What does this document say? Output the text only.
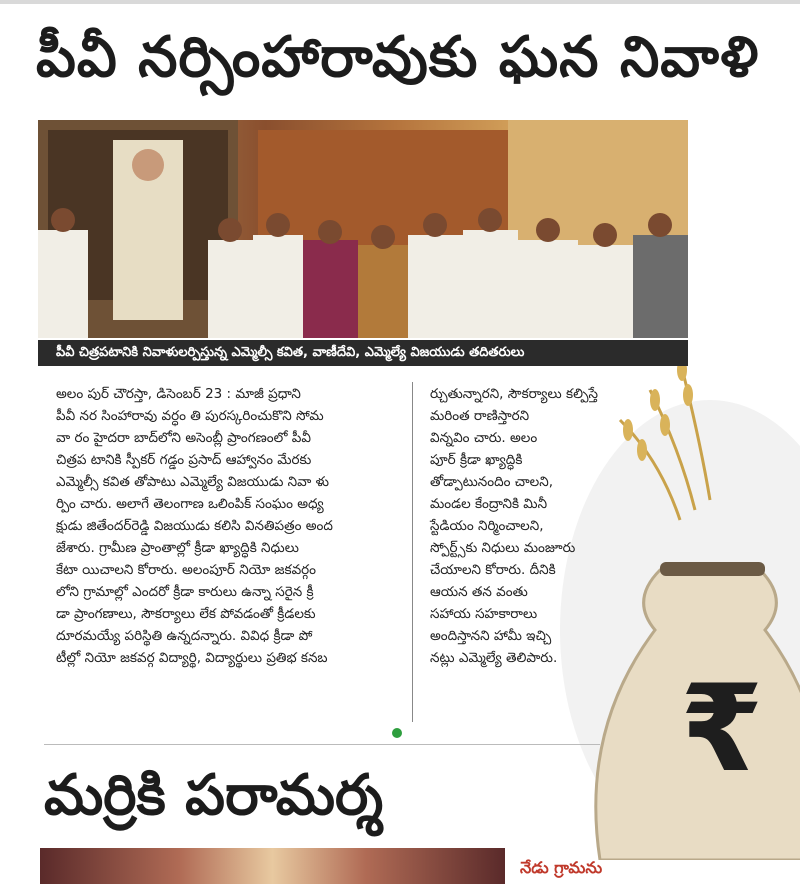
పీవీ నర్సింహారావుకు ఘన నివాళి
₹
పీవీ చిత్రపటానికి నివాళులర్పిస్తున్న ఎమ్మెల్సీ కవిత, వాణీదేవి, ఎమ్మెల్యే విజయుడు తదితరులు
అలం పుర్ చౌరస్తా, డిసెంబర్ 23 : మాజీ ప్రధాని
పీవీ నర సింహారావు వర్ధం తి పురస్కరించుకొని సోమ
వా రం హైదరా బాద్‌లోని అసెంబ్లీ ప్రాంగణంలో పీవీ
చిత్రప టానికి స్పీకర్ గడ్డం ప్రసాద్ ఆహ్వానం మేరకు
ఎమ్మెల్సీ కవిత తోపాటు ఎమ్మెల్యే విజయుడు నివా ళు
ర్పిం చారు. అలాగే తెలంగాణ ఒలింపిక్ సంఘం అధ్య
క్షుడు జితేందర్‌రెడ్డి విజయుడు కలిసి వినతిపత్రం అంద
జేశారు. గ్రామీణ ప్రాంతాల్లో క్రీడా ఖ్యాద్ధికి నిధులు
కేటా యిచాలని కోరారు. అలంపూర్ నియో జకవర్గం
లోని గ్రామాల్లో ఎందరో క్రీడా కారులు ఉన్నా సరైన క్రీ
డా ప్రాంగణాలు, సౌకర్యాలు లేక పోవడంతో క్రీడలకు
దూరమయ్యే పరిస్థితి ఉన్నదన్నారు. వివిధ క్రీడా పో
టీల్లో నియో జకవర్గ విద్యార్థి, విద్యార్థులు ప్రతిభ కనబ
ర్చుతున్నారని, సౌకర్యాలు కల్పిస్తే
మరింత రాణిస్తారని
విన్నవిం చారు. అలం
పూర్ క్రీడా ఖ్యాద్ధికి
తోడ్పాటునందిం చాలని,
మండల కేంద్రానికి మినీ
స్టేడియం నిర్మించాలని,
స్పోర్ట్స్‌కు నిధులు మంజూరు
చేయాలని కోరారు. దీనికి
ఆయన తన వంతు
సహాయ సహకారాలు
అందిస్తానని హామీ ఇచ్చి
నట్లు ఎమ్మెల్యే తెలిపారు.
మర్రికి పరామర్శ
నేడు గ్రామను
